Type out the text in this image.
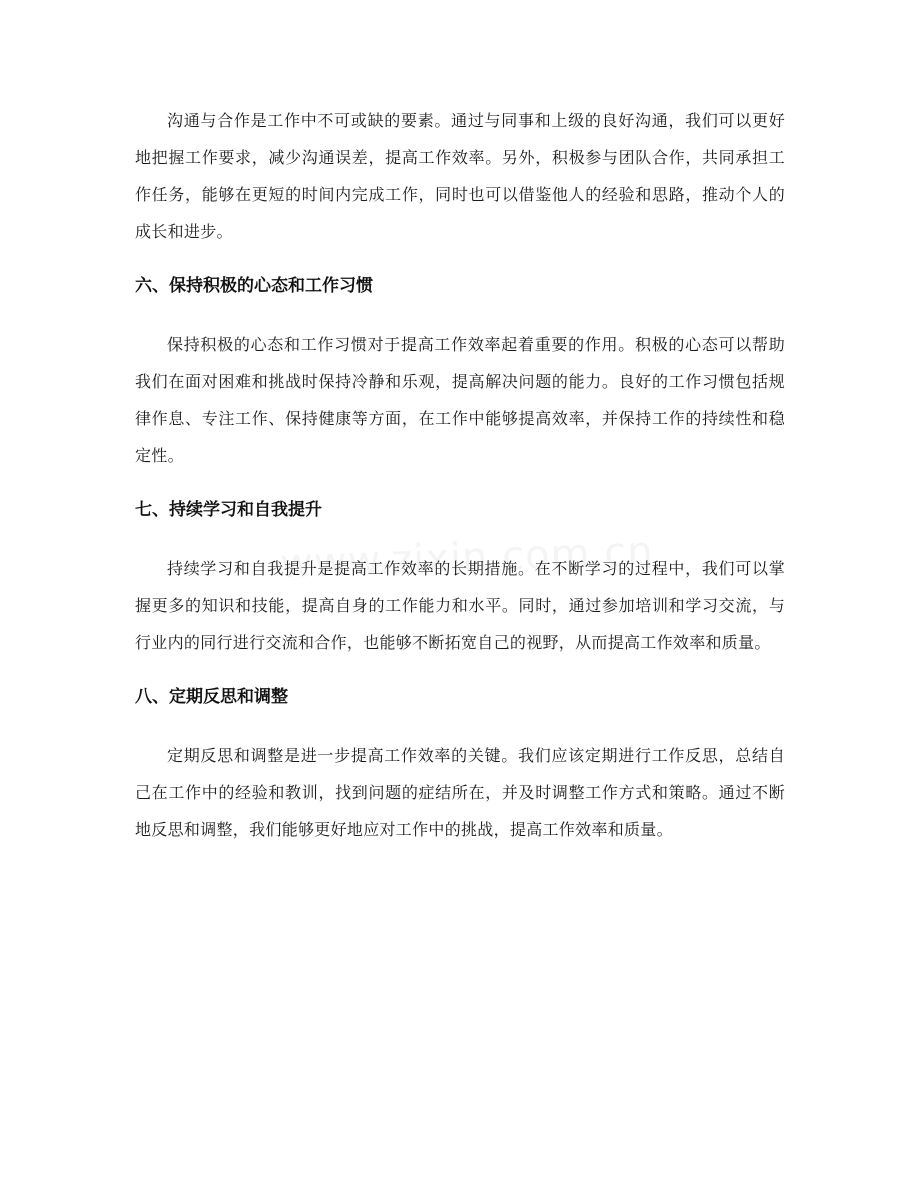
沟通与合作是工作中不可或缺的要素。通过与同事和上级的良好沟通，我们可以更好地把握工作要求，减少沟通误差，提高工作效率。另外，积极参与团队合作，共同承担工作任务，能够在更短的时间内完成工作，同时也可以借鉴他人的经验和思路，推动个人的成长和进步。

六、保持积极的心态和工作习惯

保持积极的心态和工作习惯对于提高工作效率起着重要的作用。积极的心态可以帮助我们在面对困难和挑战时保持冷静和乐观，提高解决问题的能力。良好的工作习惯包括规律作息、专注工作、保持健康等方面，在工作中能够提高效率，并保持工作的持续性和稳定性。

七、持续学习和自我提升

持续学习和自我提升是提高工作效率的长期措施。在不断学习的过程中，我们可以掌握更多的知识和技能，提高自身的工作能力和水平。同时，通过参加培训和学习交流，与行业内的同行进行交流和合作，也能够不断拓宽自己的视野，从而提高工作效率和质量。

八、定期反思和调整

定期反思和调整是进一步提高工作效率的关键。我们应该定期进行工作反思，总结自己在工作中的经验和教训，找到问题的症结所在，并及时调整工作方式和策略。通过不断地反思和调整，我们能够更好地应对工作中的挑战，提高工作效率和质量。
